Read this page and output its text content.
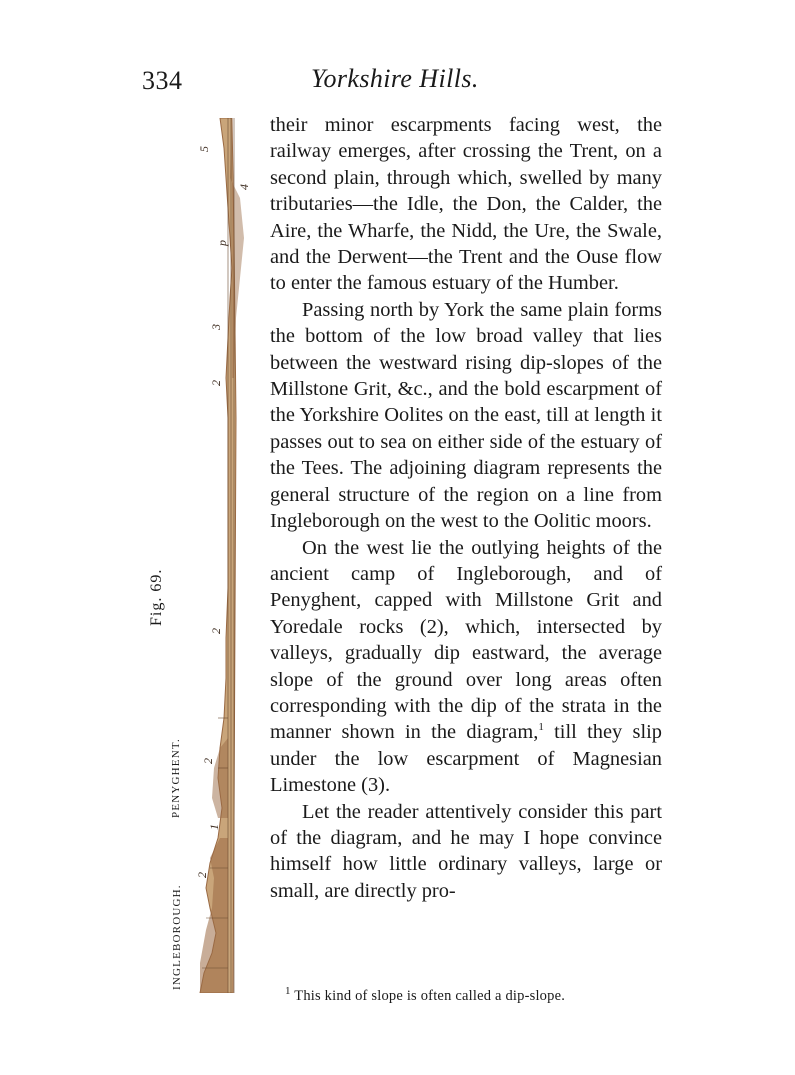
334	Yorkshire Hills.
5
4
p
3
2
2
2
1
2
Fig. 69.
PENYGHENT.
INGLEBOROUGH.

their minor escarpments facing west, the railway emerges, after crossing the Trent, on a second plain, through which, swelled by many tributaries—the Idle, the Don, the Calder, the Aire, the Wharfe, the Nidd, the Ure, the Swale, and the Derwent—the Trent and the Ouse flow to enter the famous estuary of the Humber.

Passing north by York the same plain forms the bottom of the low broad valley that lies between the westward rising dip-slopes of the Millstone Grit, &c., and the bold escarpment of the Yorkshire Oolites on the east, till at length it passes out to sea on either side of the estuary of the Tees. The adjoining diagram represents the general structure of the region on a line from Ingleborough on the west to the Oolitic moors.

On the west lie the outlying heights of the ancient camp of Ingleborough, and of Penyghent, capped with Millstone Grit and Yoredale rocks (2), which, intersected by valleys, gradually dip eastward, the average slope of the ground over long areas often corresponding with the dip of the strata in the manner shown in the diagram,$^1$ till they slip under the low escarpment of Magnesian Limestone (3).

Let the reader attentively consider this part of the diagram, and he may I hope convince himself how little ordinary valleys, large or small, are directly pro-

$^1$ This kind of slope is often called a dip-slope.
